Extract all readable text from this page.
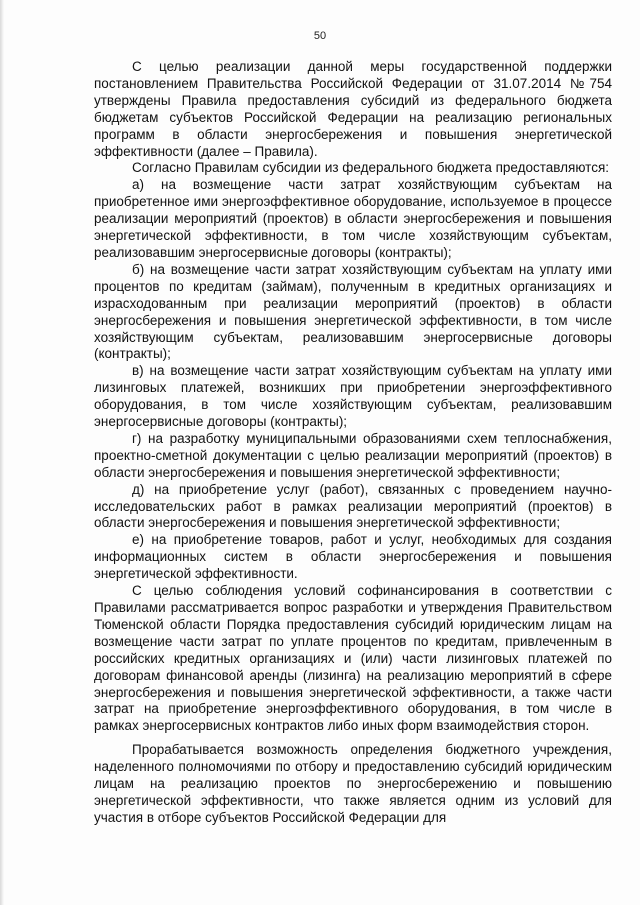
50

С целью реализации данной меры государственной поддержки постановлением Правительства Российской Федерации от 31.07.2014 №754 утверждены Правила предоставления субсидий из федерального бюджета бюджетам субъектов Российской Федерации на реализацию региональных программ в области энергосбережения и повышения энергетической эффективности (далее – Правила).

Согласно Правилам субсидии из федерального бюджета предоставляются:

а) на возмещение части затрат хозяйствующим субъектам на приобретенное ими энергоэффективное оборудование, используемое в процессе реализации мероприятий (проектов) в области энергосбережения и повышения энергетической эффективности, в том числе хозяйствующим субъектам, реализовавшим энергосервисные договоры (контракты);

б) на возмещение части затрат хозяйствующим субъектам на уплату ими процентов по кредитам (займам), полученным в кредитных организациях и израсходованным при реализации мероприятий (проектов) в области энергосбережения и повышения энергетической эффективности, в том числе хозяйствующим субъектам, реализовавшим энергосервисные договоры (контракты);

в) на возмещение части затрат хозяйствующим субъектам на уплату ими лизинговых платежей, возникших при приобретении энергоэффективного оборудования, в том числе хозяйствующим субъектам, реализовавшим энергосервисные договоры (контракты);

г) на разработку муниципальными образованиями схем теплоснабжения, проектно-сметной документации с целью реализации мероприятий (проектов) в области энергосбережения и повышения энергетической эффективности;

д) на приобретение услуг (работ), связанных с проведением научно-исследовательских работ в рамках реализации мероприятий (проектов) в области энергосбережения и повышения энергетической эффективности;

е) на приобретение товаров, работ и услуг, необходимых для создания информационных систем в области энергосбережения и повышения энергетической эффективности.

С целью соблюдения условий софинансирования в соответствии с Правилами рассматривается вопрос разработки и утверждения Правительством Тюменской области Порядка предоставления субсидий юридическим лицам на возмещение части затрат по уплате процентов по кредитам, привлеченным в российских кредитных организациях и (или) части лизинговых платежей по договорам финансовой аренды (лизинга) на реализацию мероприятий в сфере энергосбережения и повышения энергетической эффективности, а также части затрат на приобретение энергоэффективного оборудования, в том числе в рамках энергосервисных контрактов либо иных форм взаимодействия сторон.

Прорабатывается возможность определения бюджетного учреждения, наделенного полномочиями по отбору и предоставлению субсидий юридическим лицам на реализацию проектов по энергосбережению и повышению энергетической эффективности, что также является одним из условий для участия в отборе субъектов Российской Федерации для
